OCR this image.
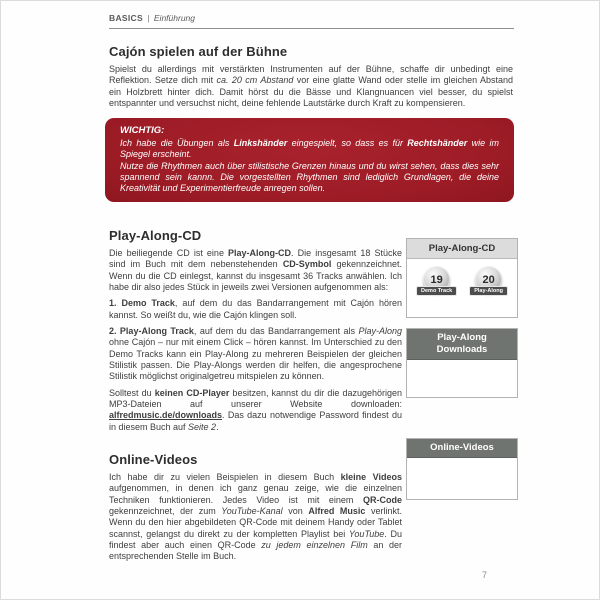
BASICS | Einführung
Cajón spielen auf der Bühne

Spielst du allerdings mit verstärkten Instrumenten auf der Bühne, schaffe dir unbedingt eine Reflektion. Setze dich mit ca. 20 cm Abstand vor eine glatte Wand oder stelle im gleichen Abstand ein Holzbrett hinter dich. Damit hörst du die Bässe und Klangnuancen viel besser, du spielst entspannter und versuchst nicht, deine fehlende Lautstärke durch Kraft zu kompensieren.

WICHTIG:

Ich habe die Übungen als Linkshänder eingespielt, so dass es für Rechtshänder wie im Spiegel erscheint.

Nutze die Rhythmen auch über stilistische Grenzen hinaus und du wirst sehen, dass dies sehr spannend sein kannn. Die vorgestellten Rhythmen sind lediglich Grundlagen, die deine Kreativität und Experimentierfreude anregen sollen.

Play-Along-CD

Die beiliegende CD ist eine Play-Along-CD. Die insgesamt 18 Stücke sind im Buch mit dem nebenstehenden CD-Symbol gekennzeichnet. Wenn du die CD einlegst, kannst du insgesamt 36 Tracks anwählen. Ich habe dir also jedes Stück in jeweils zwei Versionen aufgenommen als:

1. Demo Track, auf dem du das Bandarrangement mit Cajón hören kannst. So weißt du, wie die Cajón klingen soll.

2. Play-Along Track, auf dem du das Bandarrangement als Play-Along ohne Cajón – nur mit einem Click – hören kannst. Im Unterschied zu den Demo Tracks kann ein Play-Along zu mehreren Beispielen der gleichen Stilistik passen. Die Play-Alongs werden dir helfen, die angesprochene Stilistik möglichst originalgetreu mitspielen zu können.

Solltest du keinen CD-Player besitzen, kannst du dir die dazugehörigen MP3-Dateien auf unserer Website downloaden: alfredmusic.de/downloads. Das dazu notwendige Password findest du in diesem Buch auf Seite 2.

Online-Videos

Ich habe dir zu vielen Beispielen in diesem Buch kleine Videos aufgenommen, in denen ich ganz genau zeige, wie die einzelnen Techniken funktionieren. Jedes Video ist mit einem QR-Code gekennzeichnet, der zum YouTube-Kanal von Alfred Music verlinkt. Wenn du den hier abgebildeten QR-Code mit deinem Handy oder Tablet scannst, gelangst du direkt zu der kompletten Playlist bei YouTube. Du findest aber auch einen QR-Code zu jedem einzelnen Film an der entsprechenden Stelle im Buch.

Play-Along-CD
19
Demo Track
20
Play-Along
Play-Along Downloads
Online-Videos
7
